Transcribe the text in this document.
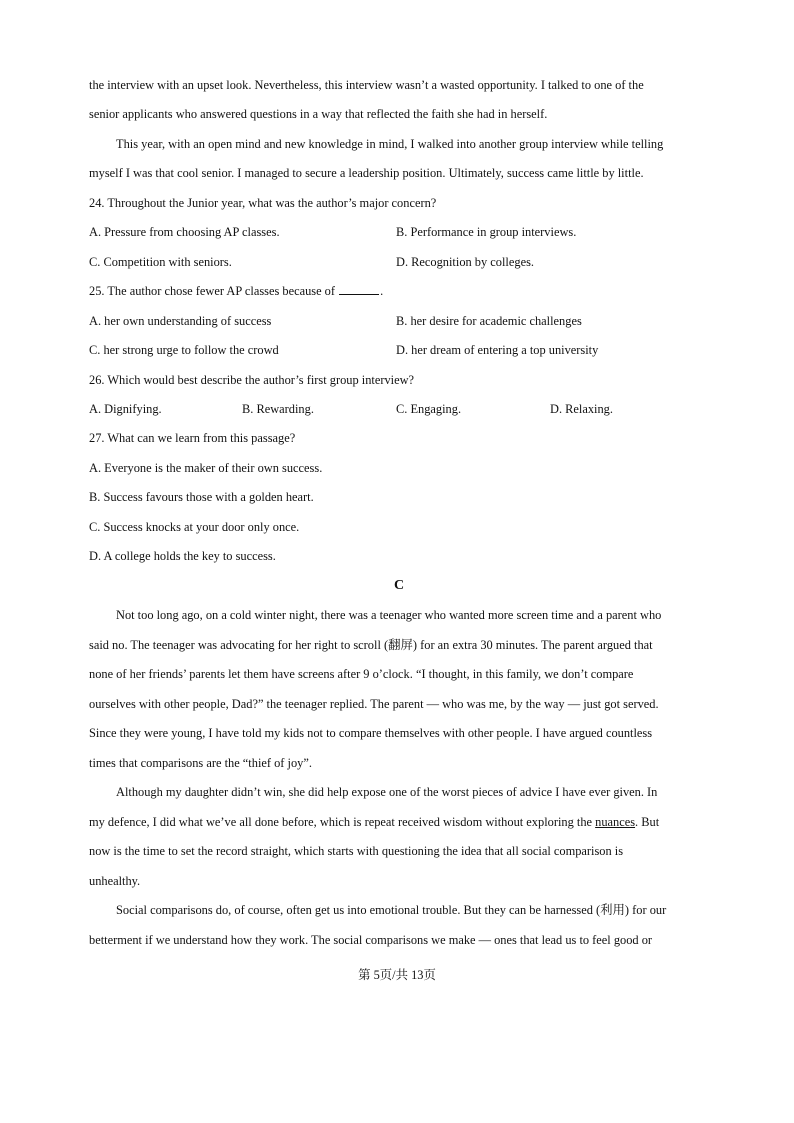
the interview with an upset look. Nevertheless, this interview wasn’t a wasted opportunity. I talked to one of the
senior applicants who answered questions in a way that reflected the faith she had in herself.
This year, with an open mind and new knowledge in mind, I walked into another group interview while telling
myself I was that cool senior. I managed to secure a leadership position. Ultimately, success came little by little.
24. Throughout the Junior year, what was the author’s major concern?
A. Pressure from choosing AP classes.	B. Performance in group interviews.
C. Competition with seniors.	D. Recognition by colleges.
25. The author chose fewer AP classes because of	.
A. her own understanding of success	B. her desire for academic challenges
C. her strong urge to follow the crowd	D. her dream of entering a top university
26. Which would best describe the author’s first group interview?
A. Dignifying.	B. Rewarding.	C. Engaging.	D. Relaxing.
27. What can we learn from this passage?
A. Everyone is the maker of their own success.
B. Success favours those with a golden heart.
C. Success knocks at your door only once.
D. A college holds the key to success.
C
Not too long ago, on a cold winter night, there was a teenager who wanted more screen time and a parent who
said no. The teenager was advocating for her right to scroll (翻屏) for an extra 30 minutes. The parent argued that
none of her friends’ parents let them have screens after 9 o’clock. “I thought, in this family, we don’t compare
ourselves with other people, Dad?” the teenager replied. The parent — who was me, by the way — just got served.
Since they were young, I have told my kids not to compare themselves with other people. I have argued countless
times that comparisons are the “thief of joy”.
Although my daughter didn’t win, she did help expose one of the worst pieces of advice I have ever given. In
my defence, I did what we’ve all done before, which is repeat received wisdom without exploring the nuances. But
now is the time to set the record straight, which starts with questioning the idea that all social comparison is
unhealthy.
Social comparisons do, of course, often get us into emotional trouble. But they can be harnessed (利用) for our
betterment if we understand how they work. The social comparisons we make — ones that lead us to feel good or
第 5页/共 13页
